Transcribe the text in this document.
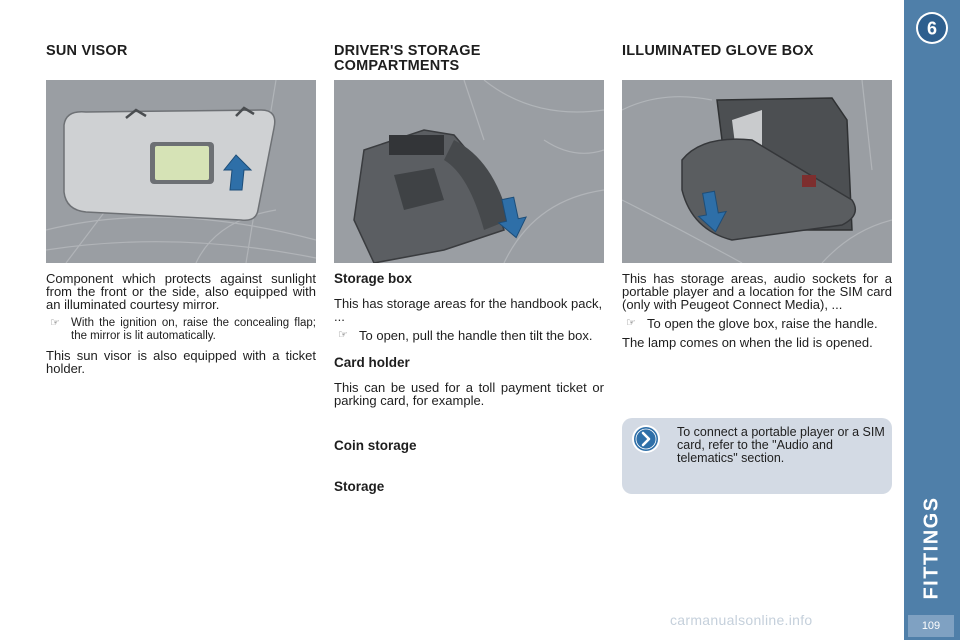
SUN VISOR

Component which protects against sunlight from the front or the side, also equipped with an illuminated courtesy mirror.

☞ With the ignition on, raise the concealing flap; the mirror is lit automatically.

This sun visor is also equipped with a ticket holder.

DRIVER'S STORAGE COMPARTMENTS

Storage box

This has storage areas for the handbook pack, ...

☞ To open, pull the handle then tilt the box.

Card holder

This can be used for a toll payment ticket or parking card, for example.

Coin storage

Storage

ILLUMINATED GLOVE BOX

This has storage areas, audio sockets for a portable player and a location for the SIM card (only with Peugeot Connect Media), ...

☞ To open the glove box, raise the handle.

The lamp comes on when the lid is opened.

To connect a portable player or a SIM card, refer to the "Audio and telematics" section.
6
FITTINGS
109
carmanualsonline.info
